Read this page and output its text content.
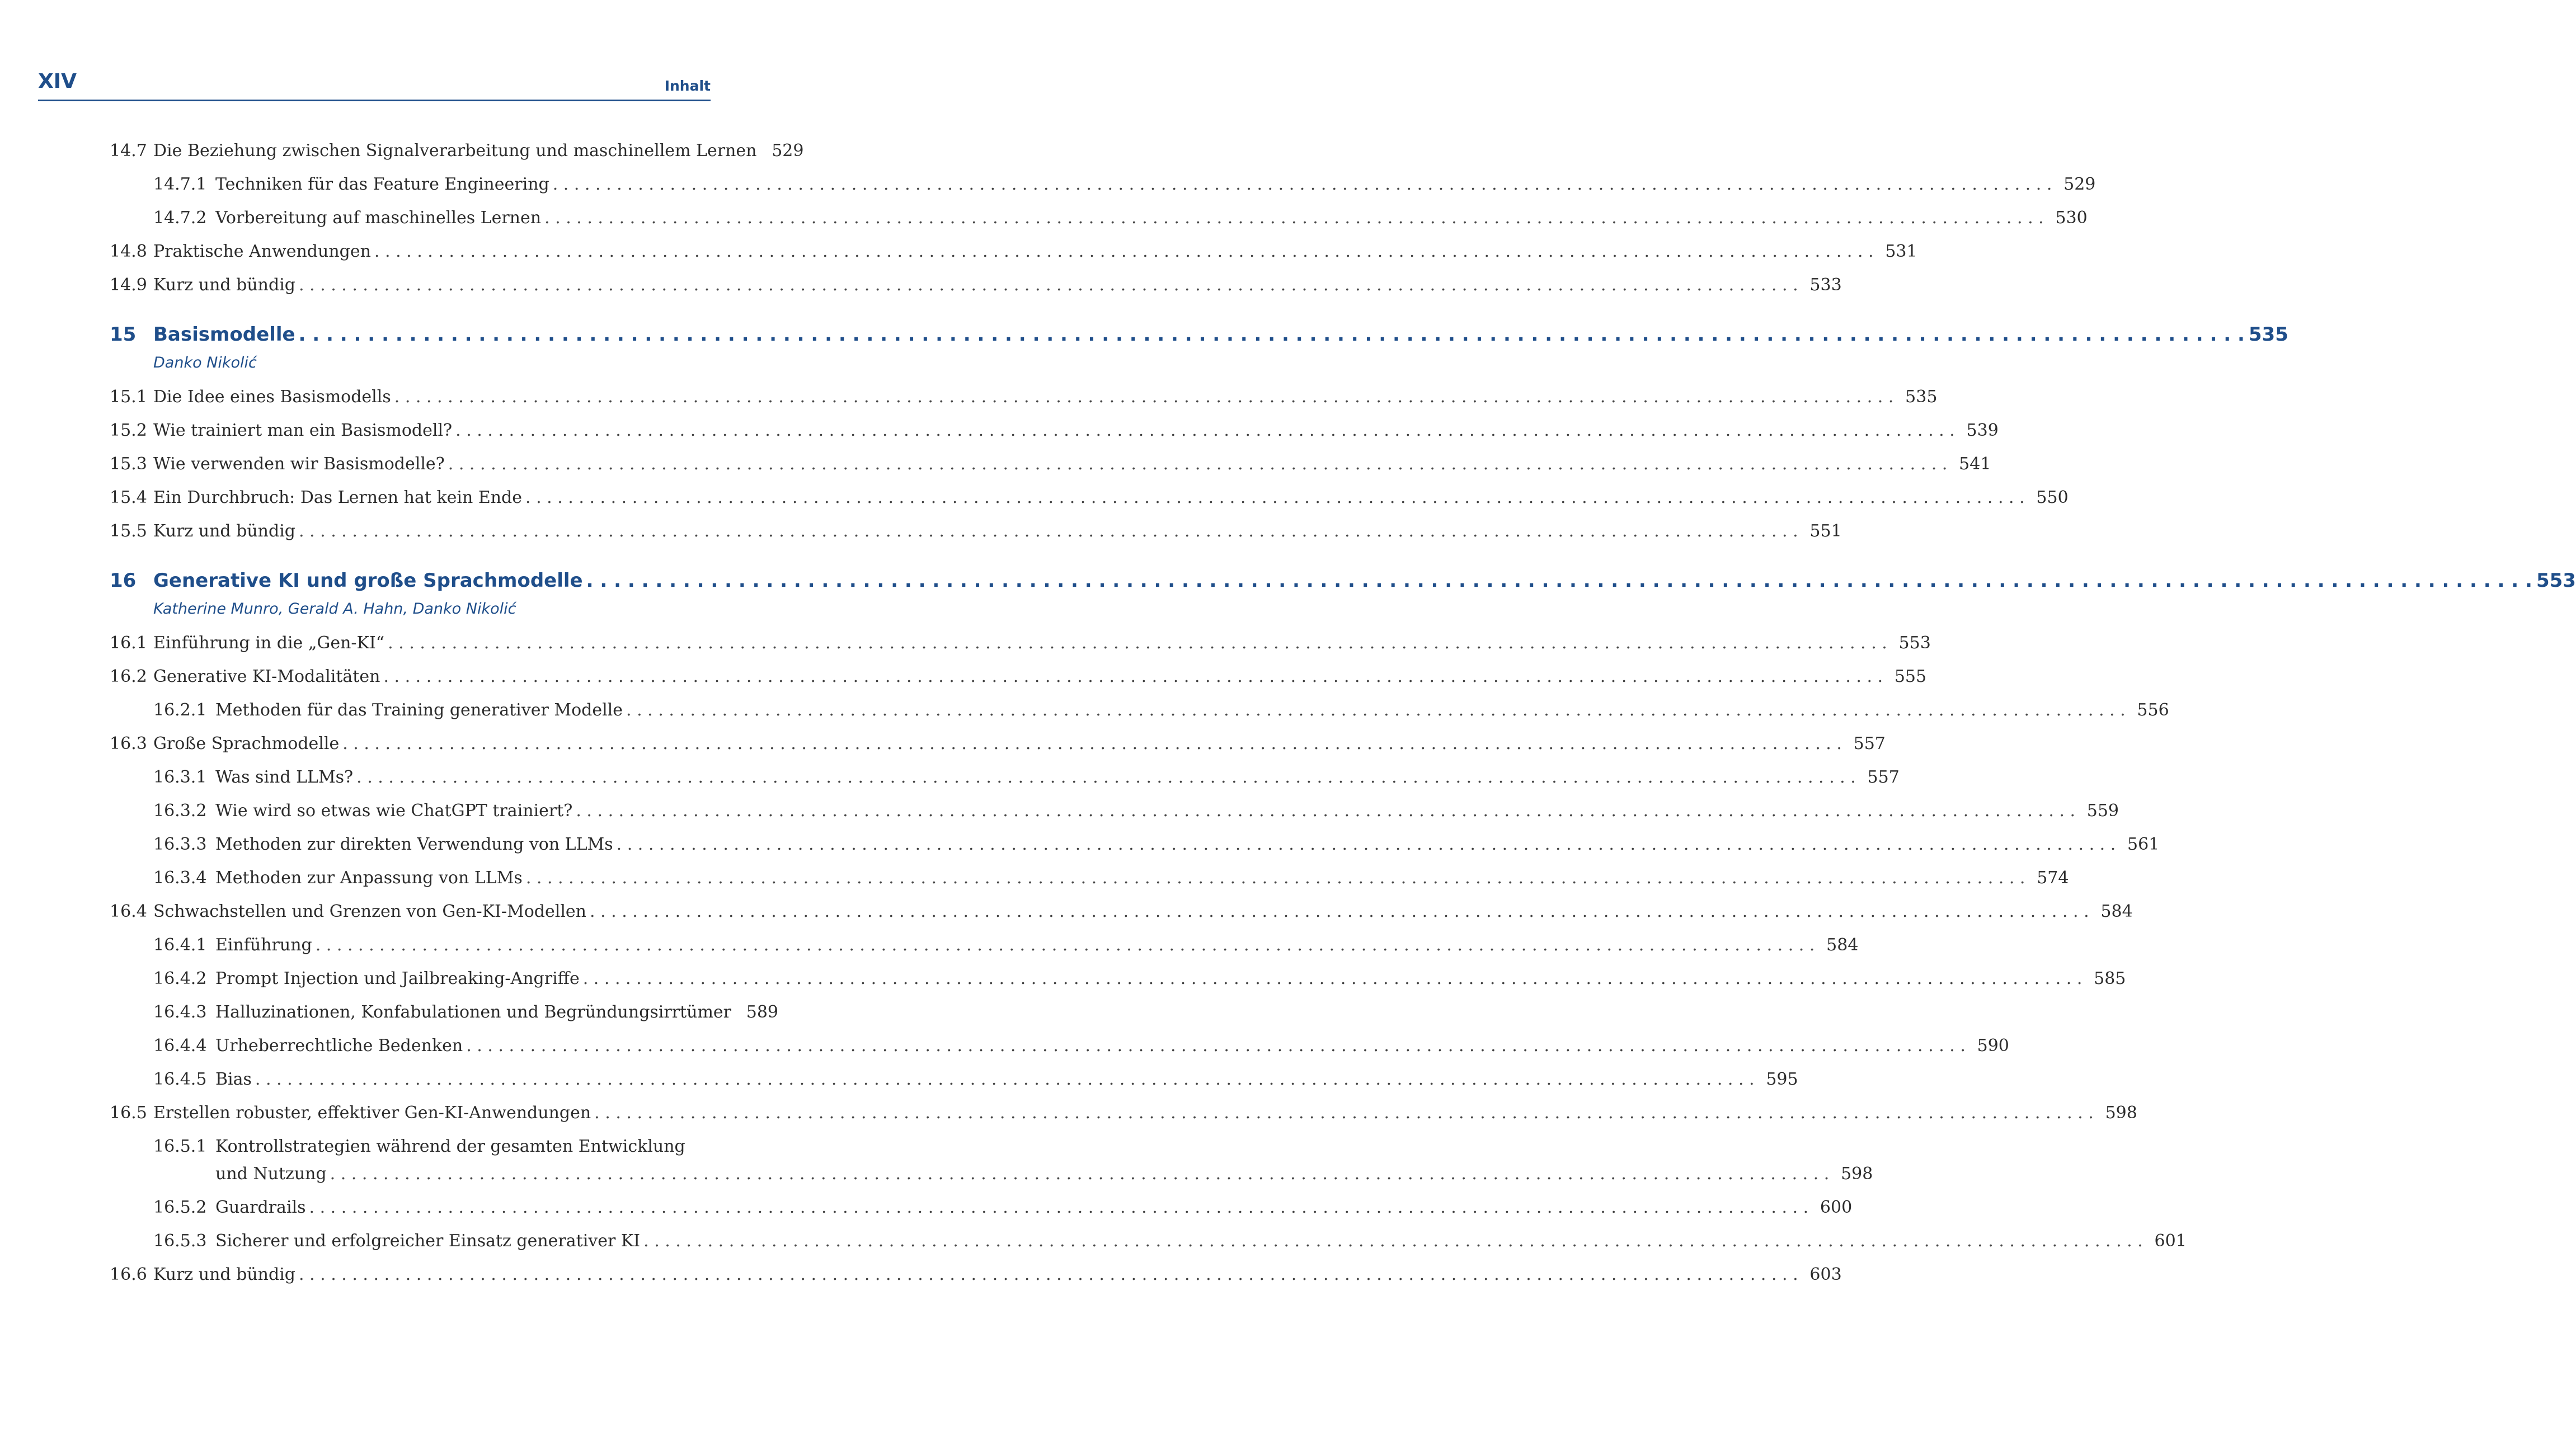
XIV	Inhalt
14.7 Die Beziehung zwischen Signalverarbeitung und maschinellem Lernen 529
14.7.1 Techniken für das Feature Engineering . . .	529
14.7.2 Vorbereitung auf maschinelles Lernen . . .	530
14.8 Praktische Anwendungen . . .	531
14.9 Kurz und bündig . . .	533
15 Basismodelle . . .	535
Danko Nikolić
15.1 Die Idee eines Basismodells . . .	535
15.2 Wie trainiert man ein Basismodell? . . .	539
15.3 Wie verwenden wir Basismodelle? . . .	541
15.4 Ein Durchbruch: Das Lernen hat kein Ende . . .	550
15.5 Kurz und bündig . . .	551
16 Generative KI und große Sprachmodelle . . .	553
Katherine Munro, Gerald A. Hahn, Danko Nikolić
16.1 Einführung in die „Gen-KI“ . . .	553
16.2 Generative KI-Modalitäten . . .	555
16.2.1 Methoden für das Training generativer Modelle . . .	556
16.3 Große Sprachmodelle . . .	557
16.3.1 Was sind LLMs? . . .	557
16.3.2 Wie wird so etwas wie ChatGPT trainiert? . . .	559
16.3.3 Methoden zur direkten Verwendung von LLMs . . .	561
16.3.4 Methoden zur Anpassung von LLMs . . .	574
16.4 Schwachstellen und Grenzen von Gen-KI-Modellen . . .	584
16.4.1 Einführung . . .	584
16.4.2 Prompt Injection und Jailbreaking-Angriffe . . .	585
16.4.3 Halluzinationen, Konfabulationen und Begründungsirrtümer 589
16.4.4 Urheberrechtliche Bedenken . . .	590
16.4.5 Bias . . .	595
16.5 Erstellen robuster, effektiver Gen-KI-Anwendungen . . .	598
16.5.1 Kontrollstrategien während der gesamten Entwicklung
und Nutzung . . .	598
16.5.2 Guardrails . . .	600
16.5.3 Sicherer und erfolgreicher Einsatz generativer KI . . .	601
16.6 Kurz und bündig . . .	603
